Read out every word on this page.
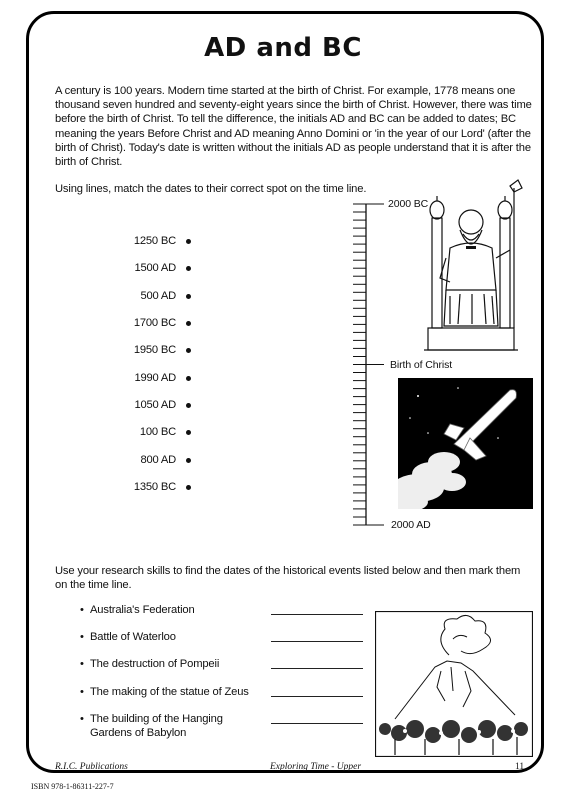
AD and BC

A century is 100 years. Modern time started at the birth of Christ. For example, 1778 means one thousand seven hundred and seventy-eight years since the birth of Christ. However, there was time before the birth of Christ. To tell the difference, the initials AD and BC can be added to dates; BC meaning the years Before Christ and AD meaning Anno Domini or 'in the year of our Lord' (after the birth of Christ). Today's date is written without the initials AD as people understand that it is after the birth of Christ.

Using lines, match the dates to their correct spot on the time line.
1250 BC
1500 AD
500 AD
1700 BC
1950 BC
1990 AD
1050 AD
100 BC
800 AD
1350 BC
2000 BC
Birth of Christ
2000 AD
Use your research skills to find the dates of the historical events listed below and then mark them on the time line.
• Australia's Federation
• Battle of Waterloo
• The destruction of Pompeii
• The making of the statue of Zeus
• The building of the Hanging Gardens of Babylon
R.I.C. Publications	Exploring Time - Upper	11
ISBN 978-1-86311-227-7
